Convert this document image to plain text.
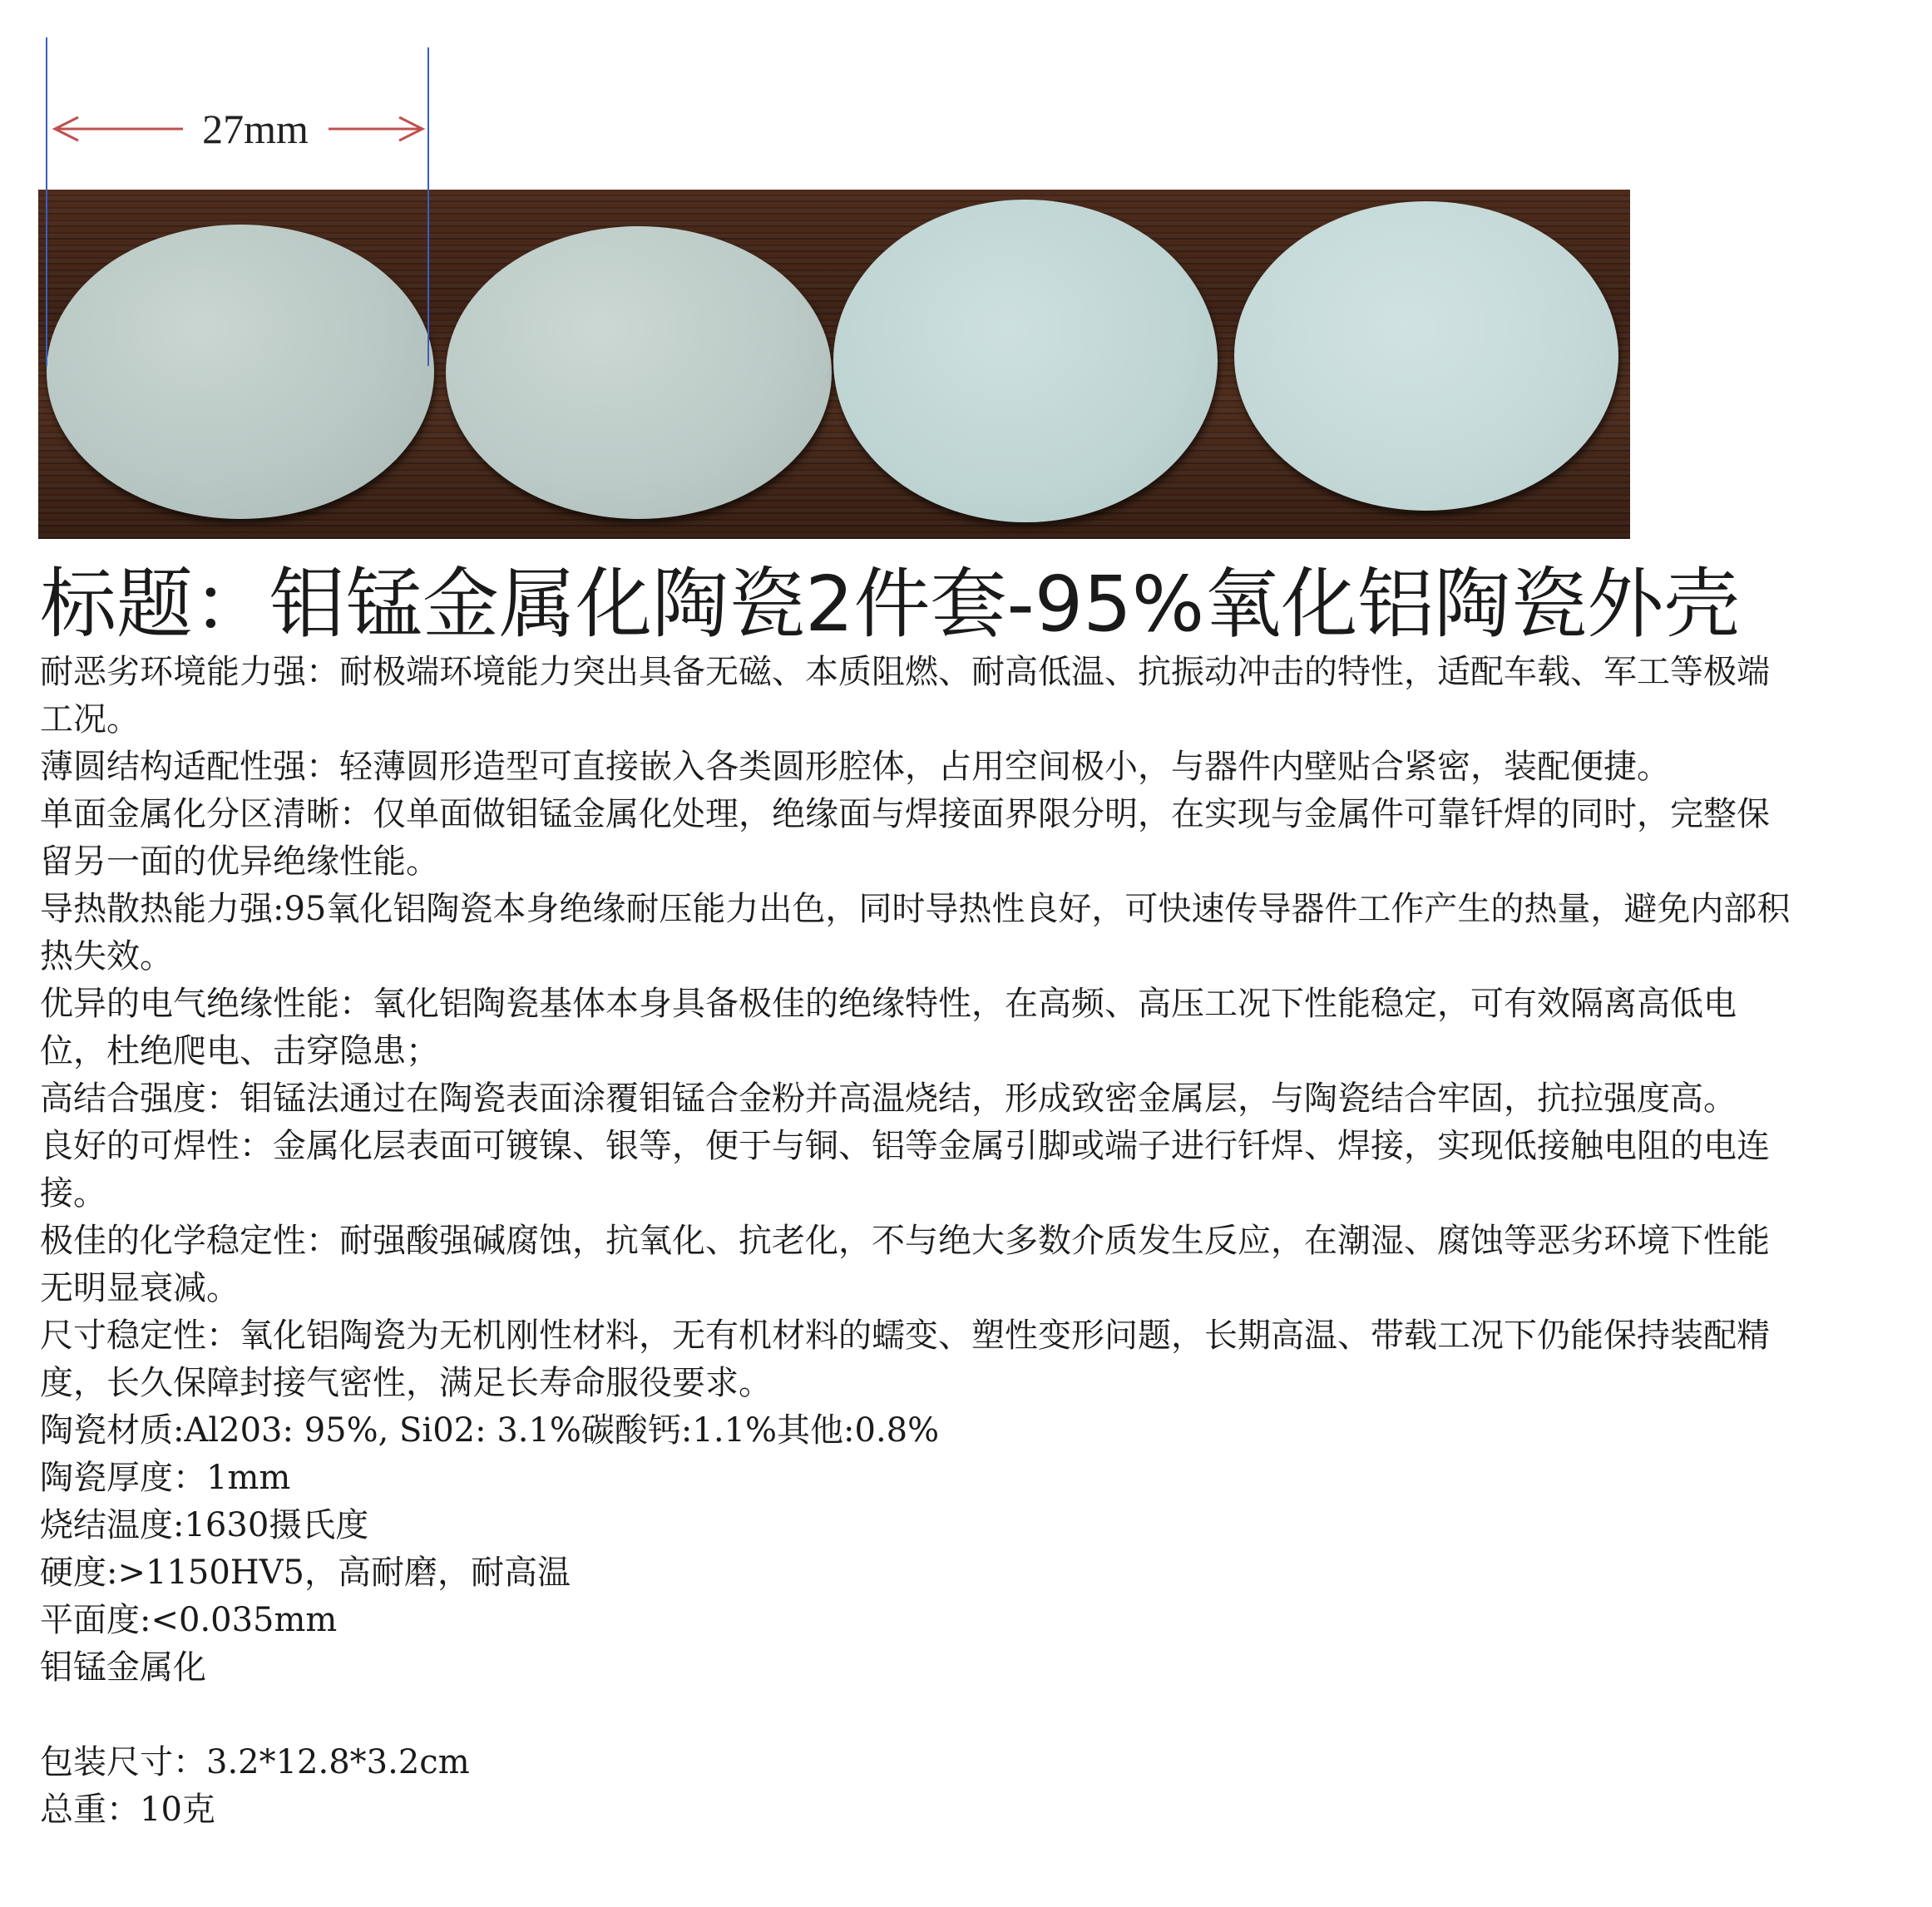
27mm
标题：钼锰金属化陶瓷2件套-95%氧化铝陶瓷外壳

耐恶劣环境能力强：耐极端环境能力突出具备无磁、本质阻燃、耐高低温、抗振动冲击的特性，适配车载、军工等极端工况。

薄圆结构适配性强：轻薄圆形造型可直接嵌入各类圆形腔体，占用空间极小，与器件内壁贴合紧密，装配便捷。

单面金属化分区清晰：仅单面做钼锰金属化处理，绝缘面与焊接面界限分明，在实现与金属件可靠钎焊的同时，完整保留另一面的优异绝缘性能。

导热散热能力强:95氧化铝陶瓷本身绝缘耐压能力出色，同时导热性良好，可快速传导器件工作产生的热量，避免内部积热失效。

优异的电气绝缘性能：氧化铝陶瓷基体本身具备极佳的绝缘特性，在高频、高压工况下性能稳定，可有效隔离高低电位，杜绝爬电、击穿隐患；

高结合强度：钼锰法通过在陶瓷表面涂覆钼锰合金粉并高温烧结，形成致密金属层，与陶瓷结合牢固，抗拉强度高。

良好的可焊性：金属化层表面可镀镍、银等，便于与铜、铝等金属引脚或端子进行钎焊、焊接，实现低接触电阻的电连接。

极佳的化学稳定性：耐强酸强碱腐蚀，抗氧化、抗老化，不与绝大多数介质发生反应，在潮湿、腐蚀等恶劣环境下性能无明显衰减。

尺寸稳定性：氧化铝陶瓷为无机刚性材料，无有机材料的蠕变、塑性变形问题，长期高温、带载工况下仍能保持装配精度，长久保障封接气密性，满足长寿命服役要求。

陶瓷材质:Al203: 95%, Si02: 3.1%碳酸钙:1.1%其他:0.8%

陶瓷厚度：1mm

烧结温度:1630摄氏度

硬度:>1150HV5，高耐磨，耐高温

平面度:<0.035mm

钼锰金属化

包装尺寸：3.2*12.8*3.2cm

总重：10克
